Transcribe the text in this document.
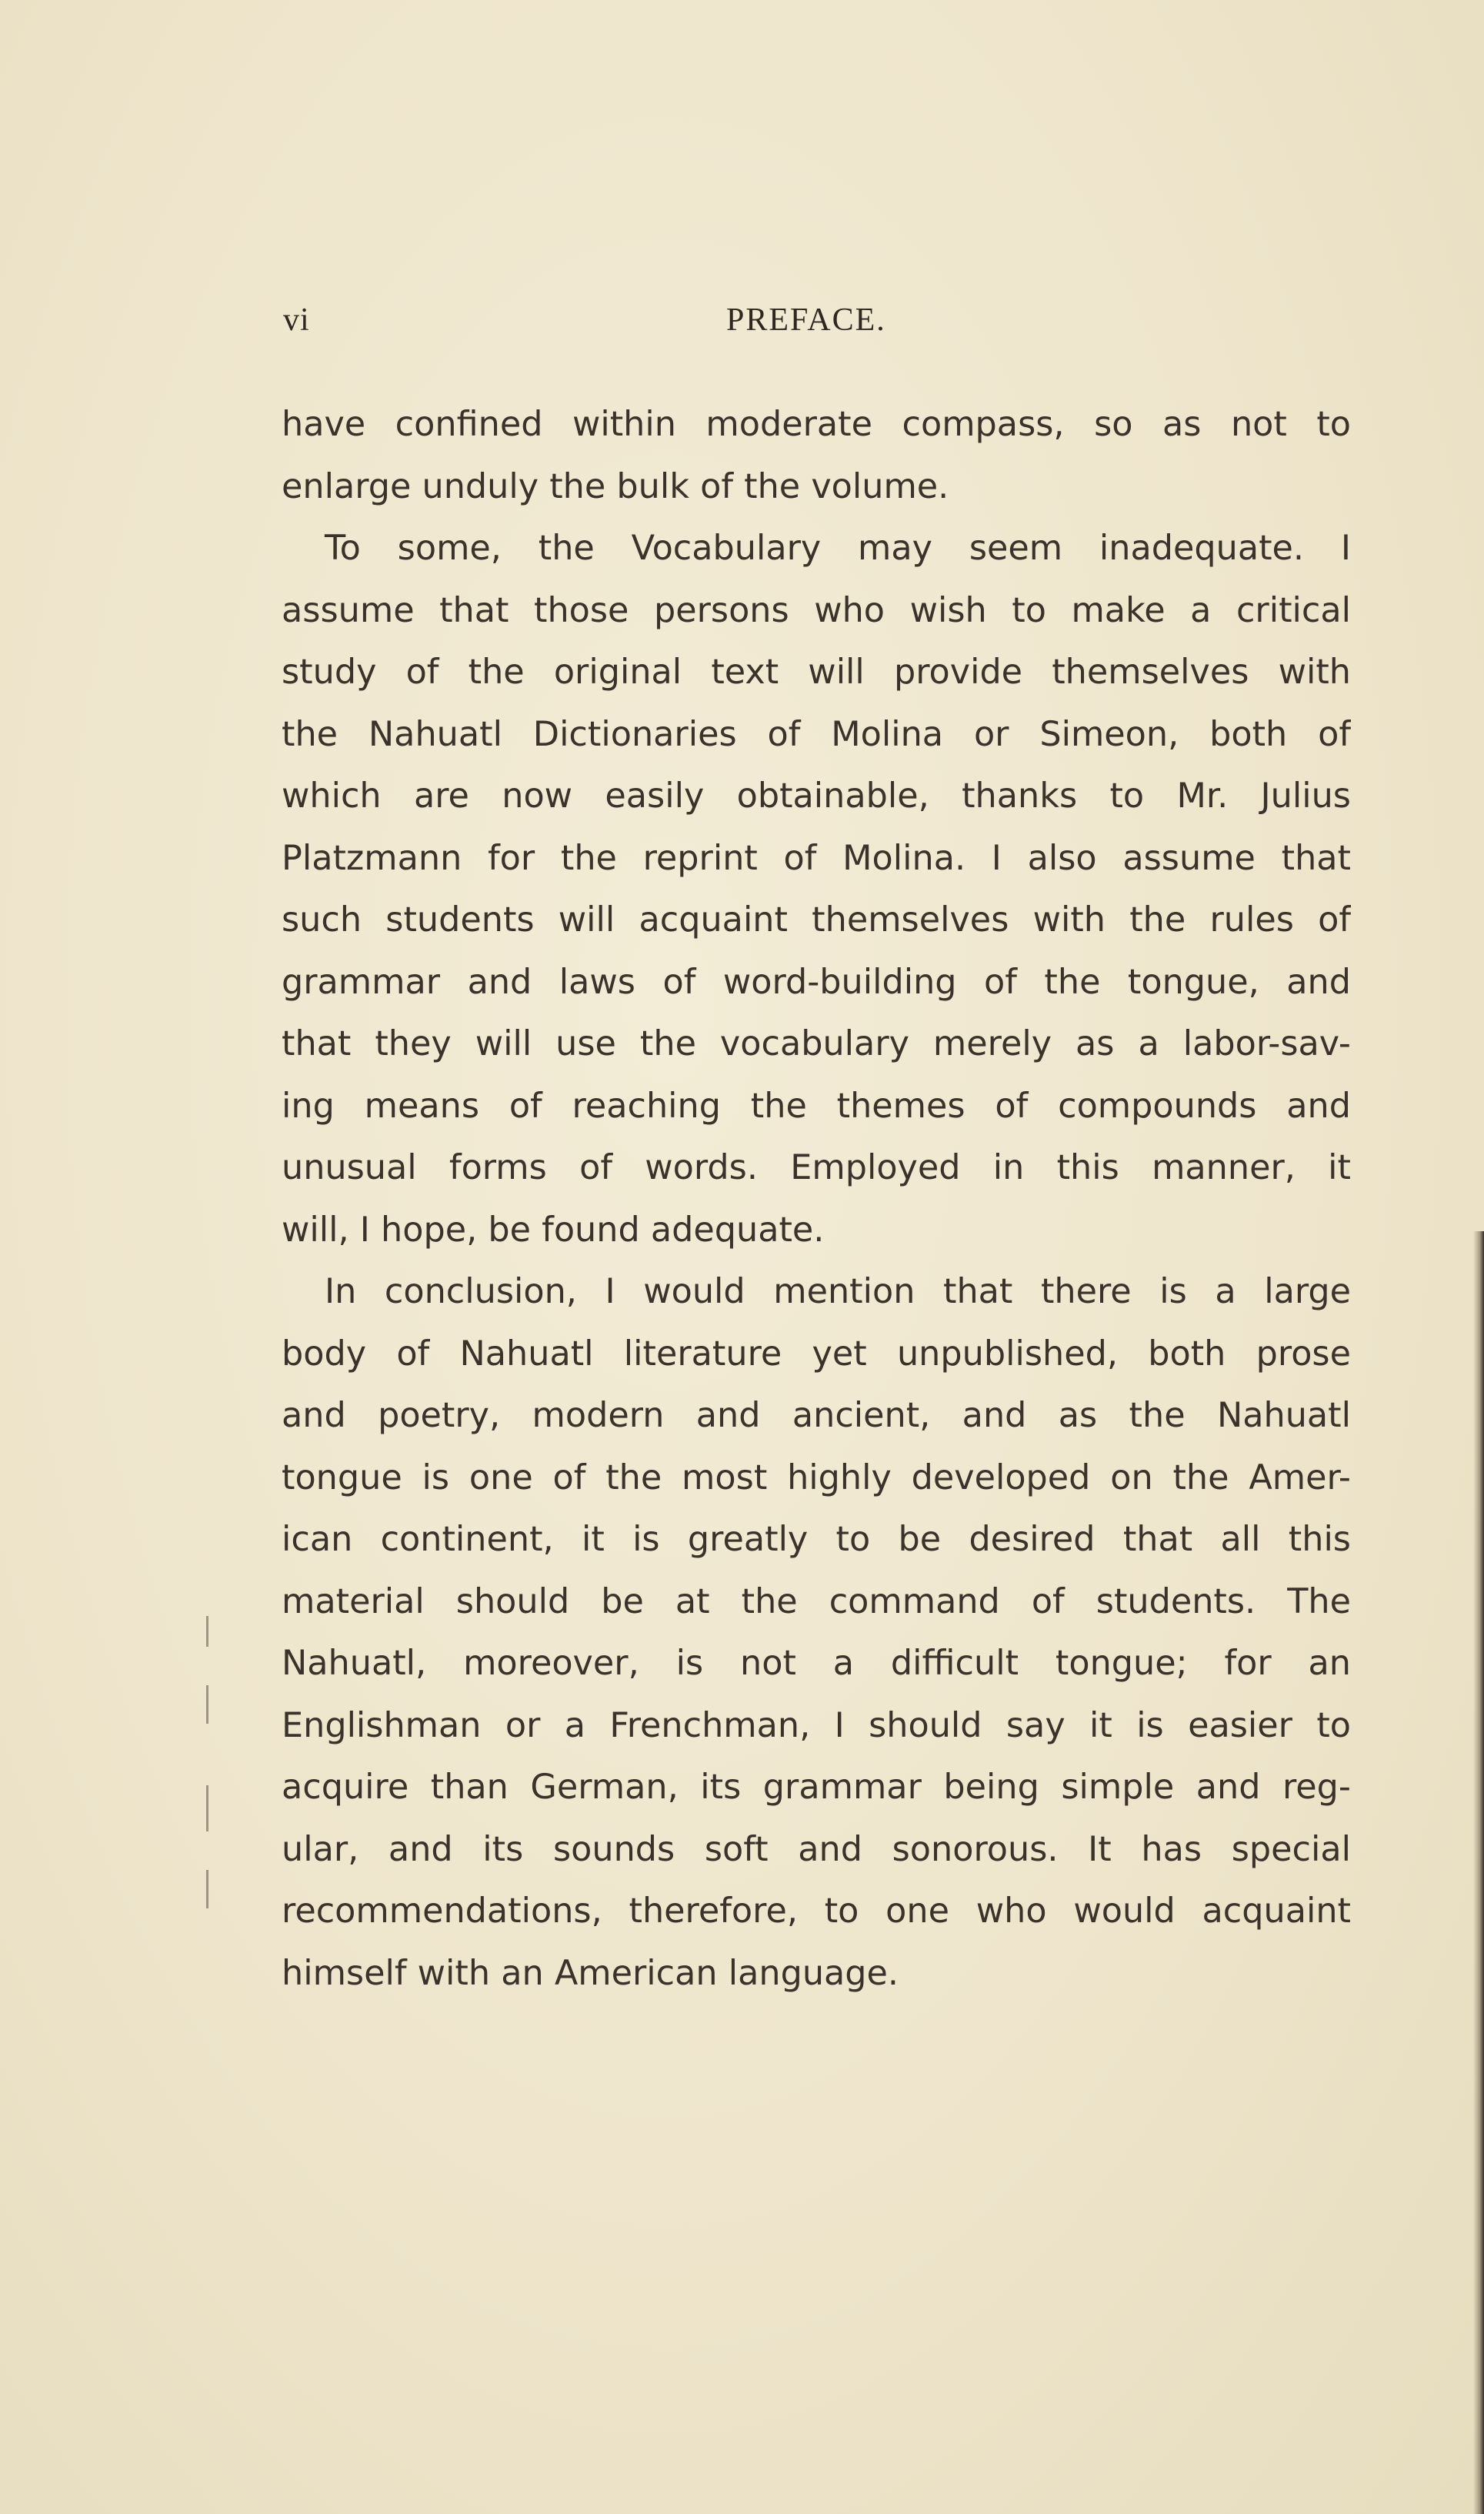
vi	PREFACE.
have confined within moderate compass, so as not to
enlarge unduly the bulk of the volume.
To some, the Vocabulary may seem inadequate. I
assume that those persons who wish to make a critical
study of the original text will provide themselves with
the Nahuatl Dictionaries of Molina or Simeon, both of
which are now easily obtainable, thanks to Mr. Julius
Platzmann for the reprint of Molina. I also assume that
such students will acquaint themselves with the rules of
grammar and laws of word-building of the tongue, and
that they will use the vocabulary merely as a labor-sav-
ing means of reaching the themes of compounds and
unusual forms of words. Employed in this manner, it
will, I hope, be found adequate.
In conclusion, I would mention that there is a large
body of Nahuatl literature yet unpublished, both prose
and poetry, modern and ancient, and as the Nahuatl
tongue is one of the most highly developed on the Amer-
ican continent, it is greatly to be desired that all this
material should be at the command of students. The
Nahuatl, moreover, is not a difficult tongue; for an
Englishman or a Frenchman, I should say it is easier to
acquire than German, its grammar being simple and reg-
ular, and its sounds soft and sonorous. It has special
recommendations, therefore, to one who would acquaint
himself with an American language.
